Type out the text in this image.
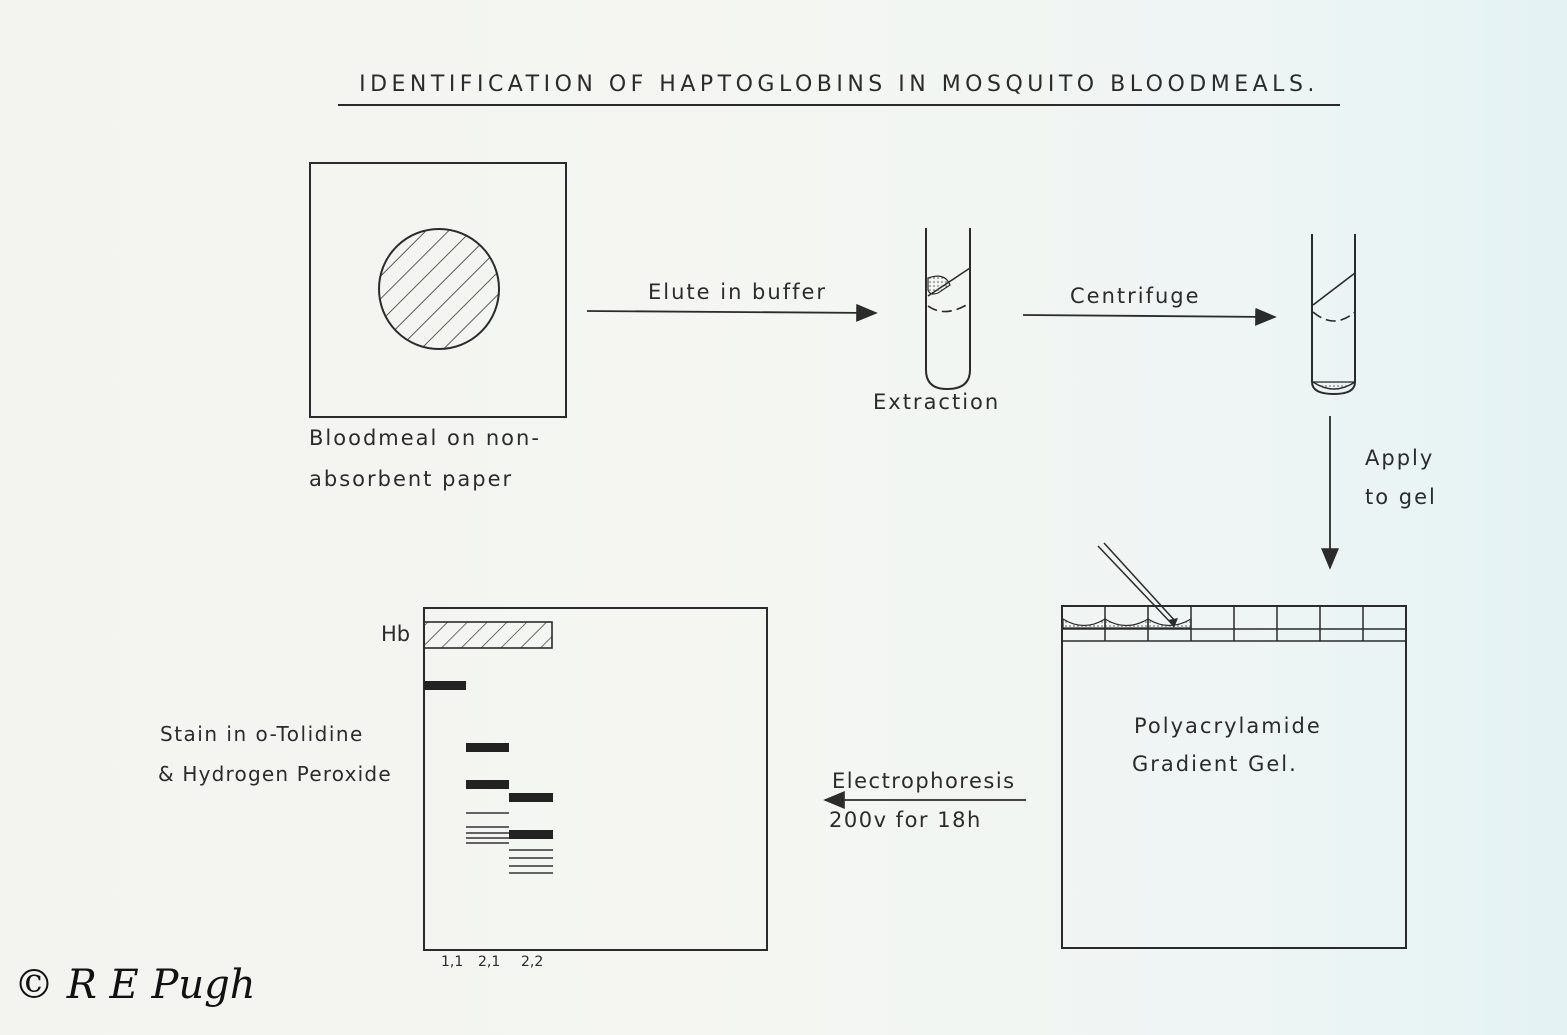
IDENTIFICATION OF HAPTOGLOBINS IN MOSQUITO BLOODMEALS.
Bloodmeal on non-
absorbent paper
Elute in buffer
Extraction
Centrifuge
Apply
to gel
Polyacrylamide
Gradient Gel.
Electrophoresis
200v for 18h
Stain in o-Tolidine
& Hydrogen Peroxide
Hb
1,1 2,1 2,2
© R E Pugh
